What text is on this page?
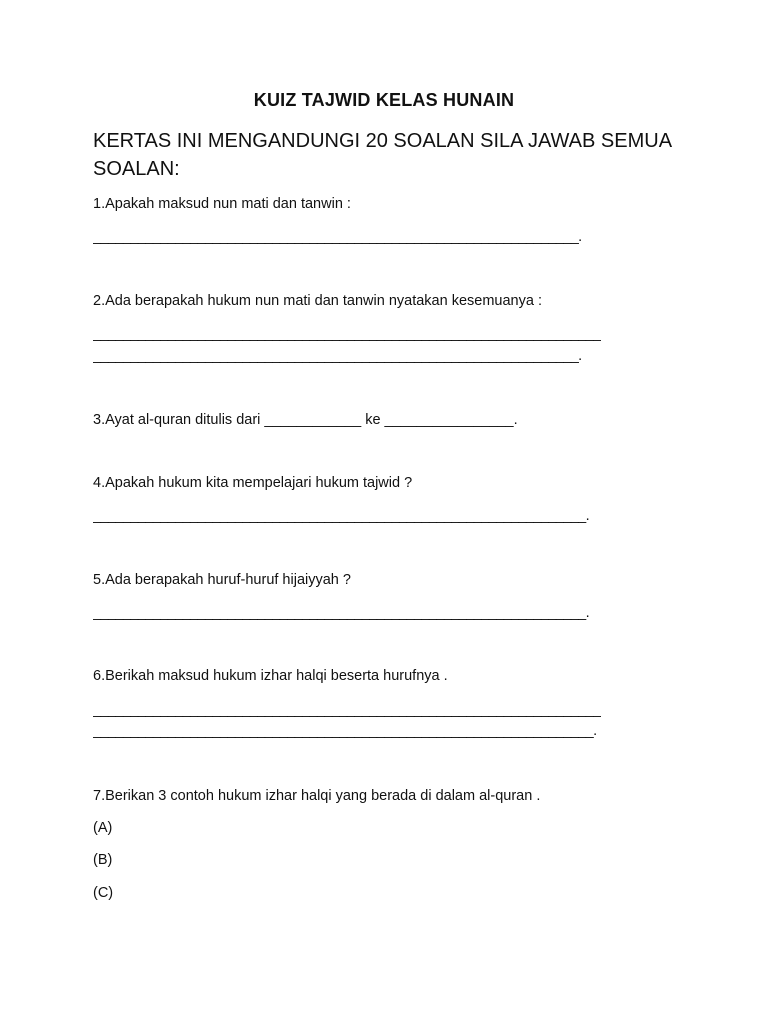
KUIZ TAJWID KELAS HUNAIN

KERTAS INI MENGANDUNGI 20 SOALAN SILA JAWAB SEMUA SOALAN:

1.Apakah maksud nun mati dan tanwin :

_________________________________________________________________.

2.Ada berapakah hukum nun mati dan tanwin nyatakan kesemuanya :

____________________________________________________________________

_________________________________________________________________.

3.Ayat al-quran ditulis dari ____________ ke ________________.

4.Apakah hukum kita mempelajari hukum tajwid ?

__________________________________________________________________.

5.Ada berapakah huruf-huruf hijaiyyah ?

__________________________________________________________________.

6.Berikah maksud hukum izhar halqi beserta hurufnya .

____________________________________________________________________

___________________________________________________________________.

7.Berikan 3 contoh hukum izhar halqi yang berada di dalam al-quran .

(A)

(B)

(C)
